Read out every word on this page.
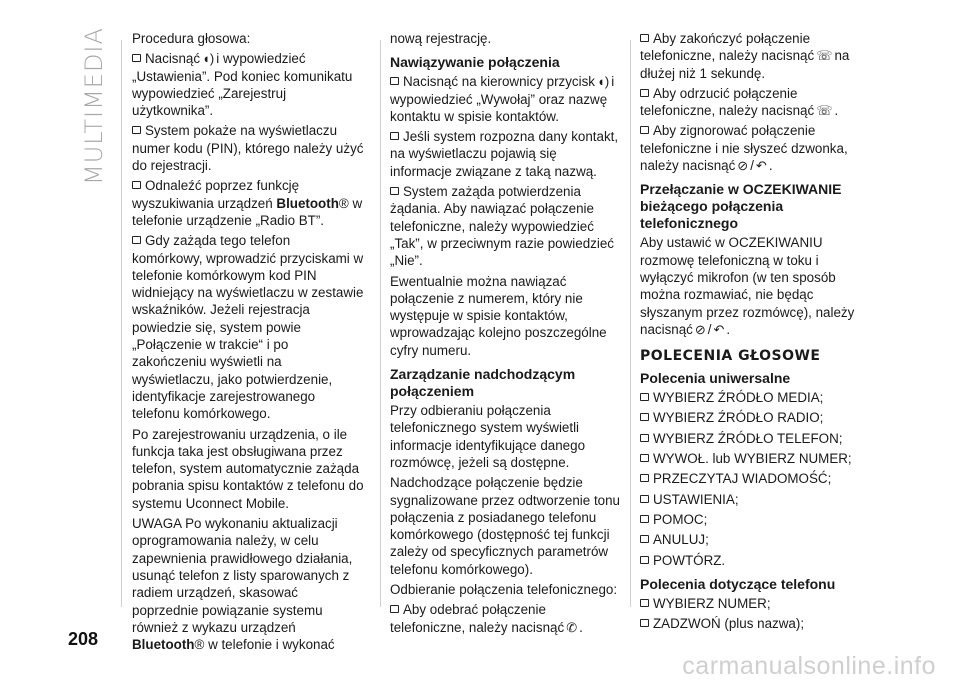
MULTIMEDIA Procedura głosowa:

Nacisnąć ◖) i wypowiedzieć „Ustawienia”. Pod koniec komunikatu wypowiedzieć „Zarejestruj użytkownika”.

System pokaże na wyświetlaczu numer kodu (PIN), którego należy użyć do rejestracji.

Odnaleźć poprzez funkcję wyszukiwania urządzeń Bluetooth® w telefonie urządzenie „Radio BT”.

Gdy zażąda tego telefon komórkowy, wprowadzić przyciskami w telefonie komórkowym kod PIN widniejący na wyświetlaczu w zestawie wskaźników. Jeżeli rejestracja powiedzie się, system powie „Połączenie w trakcie“ i po zakończeniu wyświetli na wyświetlaczu, jako potwierdzenie, identyfikacje zarejestrowanego telefonu komórkowego.

Po zarejestrowaniu urządzenia, o ile funkcja taka jest obsługiwana przez telefon, system automatycznie zażąda pobrania spisu kontaktów z telefonu do systemu Uconnect Mobile.

UWAGA Po wykonaniu aktualizacji oprogramowania należy, w celu zapewnienia prawidłowego działania, usunąć telefon z listy sparowanych z radiem urządzeń, skasować poprzednie powiązanie systemu również z wykazu urządzeń Bluetooth® w telefonie i wykonać

nową rejestrację.

Nawiązywanie połączenia

Nacisnąć na kierownicy przycisk ◖) i wypowiedzieć „Wywołaj” oraz nazwę kontaktu w spisie kontaktów.

Jeśli system rozpozna dany kontakt, na wyświetlaczu pojawią się informacje związane z taką nazwą.

System zażąda potwierdzenia żądania. Aby nawiązać połączenie telefoniczne, należy wypowiedzieć „Tak”, w przeciwnym razie powiedzieć „Nie”.

Ewentualnie można nawiązać połączenie z numerem, który nie występuje w spisie kontaktów, wprowadzając kolejno poszczególne cyfry numeru.

Zarządzanie nadchodzącym połączeniem

Przy odbieraniu połączenia telefonicznego system wyświetli informacje identyfikujące danego rozmówcę, jeżeli są dostępne.

Nadchodzące połączenie będzie sygnalizowane przez odtworzenie tonu połączenia z posiadanego telefonu komórkowego (dostępność tej funkcji zależy od specyficznych parametrów telefonu komórkowego).

Odbieranie połączenia telefonicznego:

Aby odebrać połączenie telefoniczne, należy nacisnąć ✆ .

Aby zakończyć połączenie telefoniczne, należy nacisnąć ☏ na dłużej niż 1 sekundę.

Aby odrzucić połączenie telefoniczne, należy nacisnąć ☏ .

Aby zignorować połączenie telefoniczne i nie słyszeć dzwonka, należy nacisnąć ⊘ / ↶ .

Przełączanie w OCZEKIWANIE bieżącego połączenia telefonicznego

Aby ustawić w OCZEKIWANIU rozmowę telefoniczną w toku i wyłączyć mikrofon (w ten sposób można rozmawiać, nie będąc słyszanym przez rozmówcę), należy nacisnąć ⊘ / ↶ .

POLECENIA GŁOSOWE
Polecenia uniwersalne

WYBIERZ ŹRÓDŁO MEDIA;

WYBIERZ ŹRÓDŁO RADIO;

WYBIERZ ŹRÓDŁO TELEFON;

WYWOŁ. lub WYBIERZ NUMER;

PRZECZYTAJ WIADOMOŚĆ;

USTAWIENIA;

POMOC;

ANULUJ;

POWTÓRZ.

Polecenia dotyczące telefonu

WYBIERZ NUMER;

ZADZWOŃ (plus nazwa);

208
carmanualsonline.info
